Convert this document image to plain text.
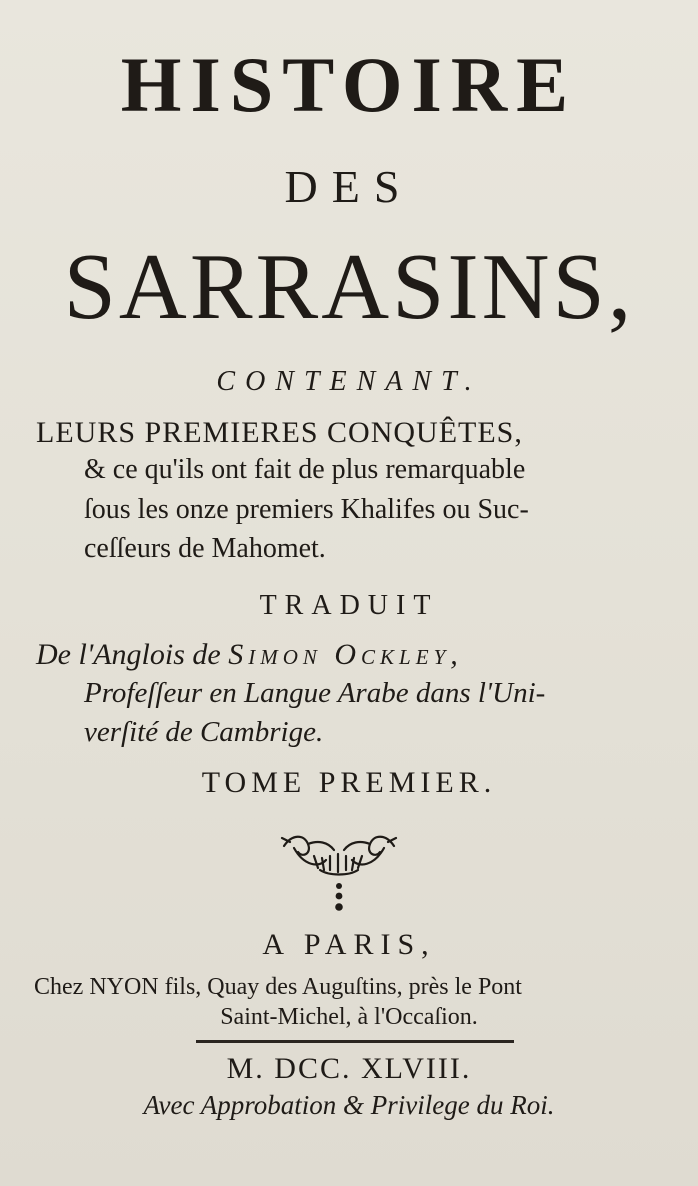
HISTOIRE
DES
SARRASINS,
CONTENANT.
LEURS PREMIERES CONQUÊTES,
& ce qu'ils ont fait de plus remarquable
ſous les onze premiers Khalifes ou Suc-
ceſſeurs de Mahomet.
TRADUIT
De l'Anglois de Simon Ockley,
Profeſſeur en Langue Arabe dans l'Uni-
verſité de Cambrige.
TOME PREMIER.
A PARIS,
Chez NYON fils, Quay des Auguſtins, près le Pont
Saint-Michel, à l'Occaſion.
M. DCC. XLVIII.
Avec Approbation & Privilege du Roi.
